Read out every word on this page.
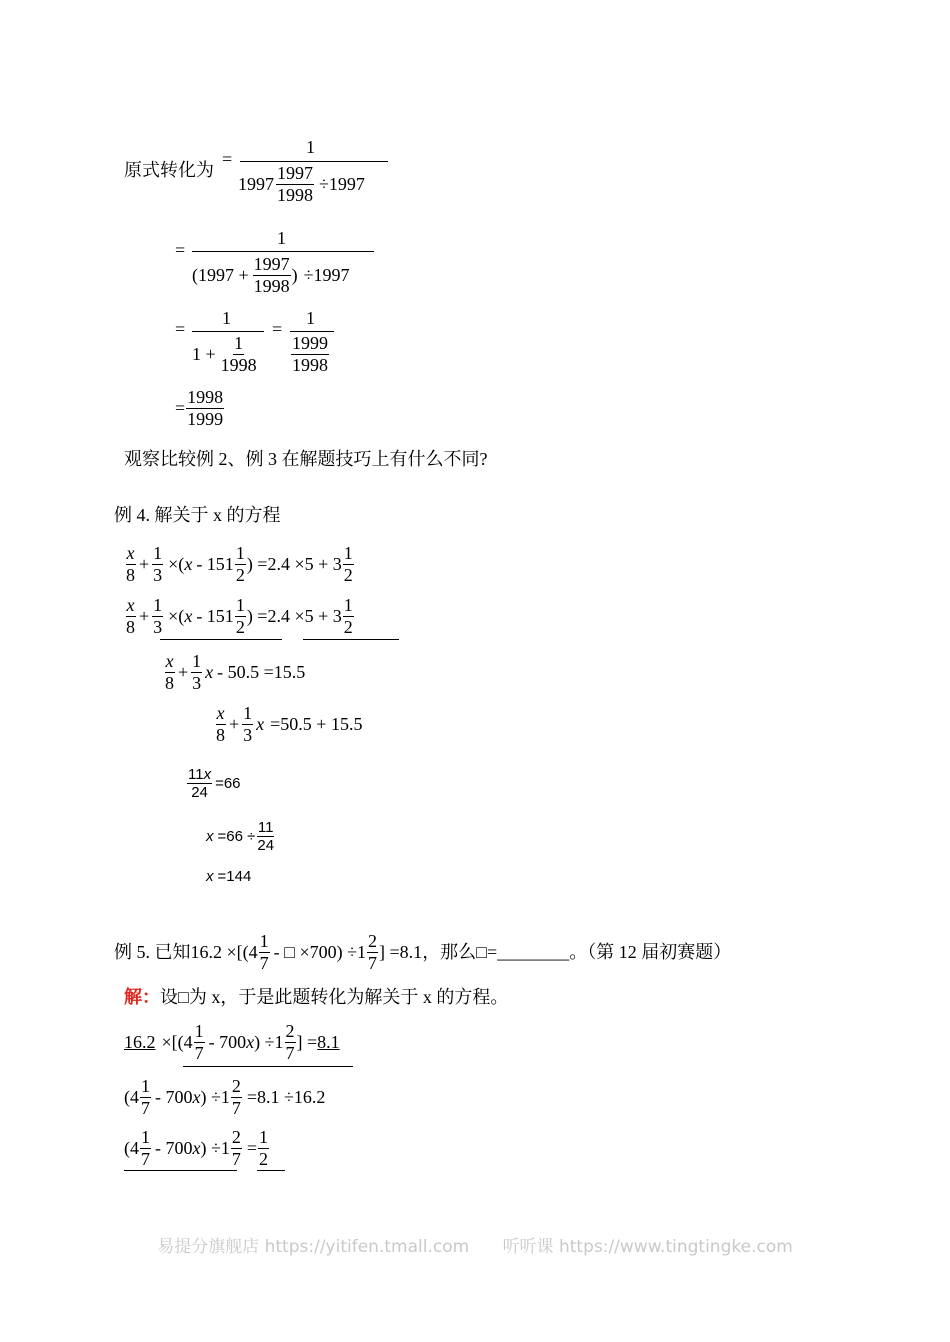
原式转化为
=
1
$1997 \frac{1997}{1998} \div 1997$
=
1
($1997 + \frac{1997}{1998}$ ) ÷1997
=
1
$1 + \frac{1}{1998}$
=
1
$\frac{1999}{1998}$
= $\frac{1998}{1999}$
观察比较例 2、例 3 在解题技巧上有什么不同?
例 4. 解关于 x 的方程
$\frac{x}{8} + \frac{1}{3}$ ×( x - $151 \frac{1}{2}$ ) $=2.4 \times 5 + 3 \frac{1}{2}$
$\frac{x}{8} + \frac{1}{3}$ ×( x - $151 \frac{1}{2}$ ) $=2.4 \times 5 + 3 \frac{1}{2}$
$\frac{x}{8} + \frac{1}{3}$ x - 50.5 =15.5
$\frac{x}{8} + \frac{1}{3}$ x =50.5 + 15.5
$\frac{11x}{24} =66$
$x =66 \div \frac{11}{24}$
x =144
例 5. 已知 $16.2 \times[(4 \frac{1}{7}$ - □ $\times 700) \div 1 \frac{2}{7}$ ] =8.1 ，那么□=________。（第 12 届初赛题）
解：设□为 x，于是此题转化为解关于 x 的方程。
$16.2 \times[(4 \frac{1}{7} - 700$ x ) $\div 1 \frac{2}{7}$ ] = 8.1
($4 \frac{1}{7} - 700$ x ) $\div 1 \frac{2}{7} =8.1 \div 16.2$
($4 \frac{1}{7} - 700$ x ) $\div 1 \frac{2}{7} = \frac{1}{2}$
易提分旗舰店 https://yitifen.tmall.com 听听课 https://www.tingtingke.com
